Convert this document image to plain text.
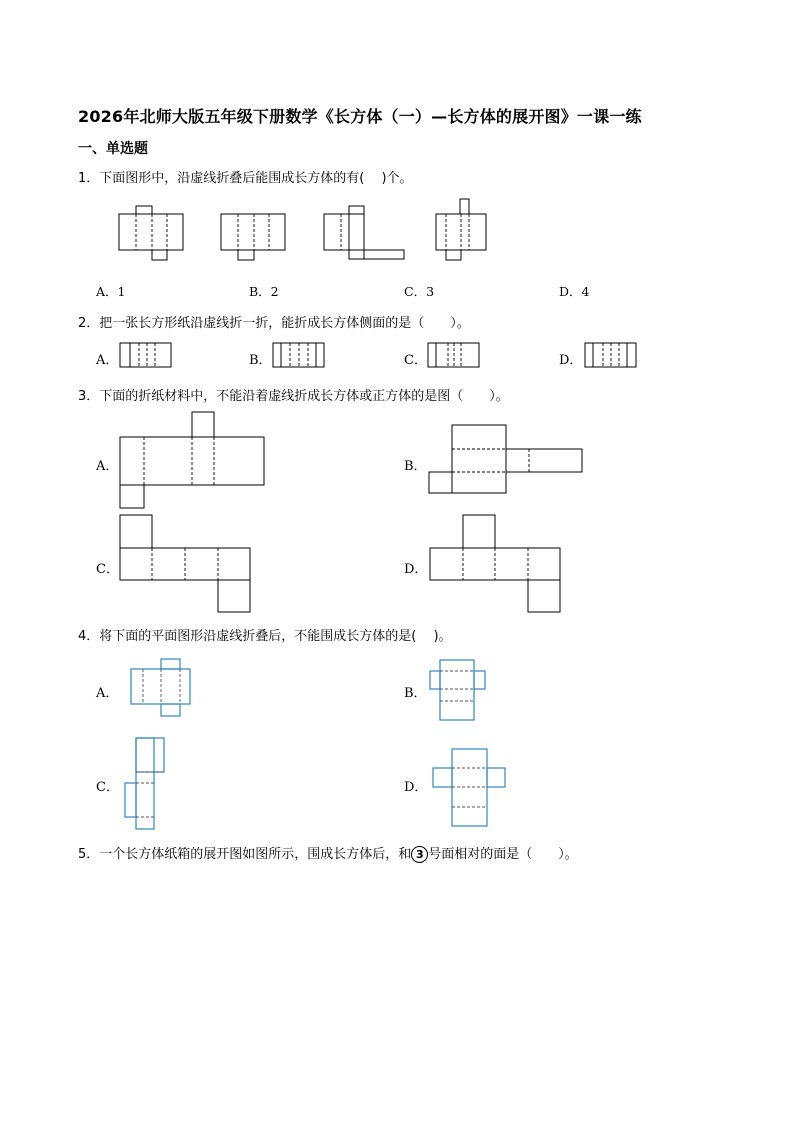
2026年北师大版五年级下册数学《长方体（一）—长方体的展开图》一课一练
一、单选题
1．下面图形中，沿虚线折叠后能围成长方体的有(　 )个。
A．1	B．2	C．3	D．4
2．把一张长方形纸沿虚线折一折，能折成长方体侧面的是（　　）。
A．	B．	C．	D．
3．下面的折纸材料中，不能沿着虚线折成长方体或正方体的是图（　　）。
A．	B．
C．	D．
4．将下面的平面图形沿虚线折叠后，不能围成长方体的是(　 )。
A．	B．
C．	D．
5．一个长方体纸箱的展开图如图所示，围成长方体后，和 3 号面相对的面是（　　）。
